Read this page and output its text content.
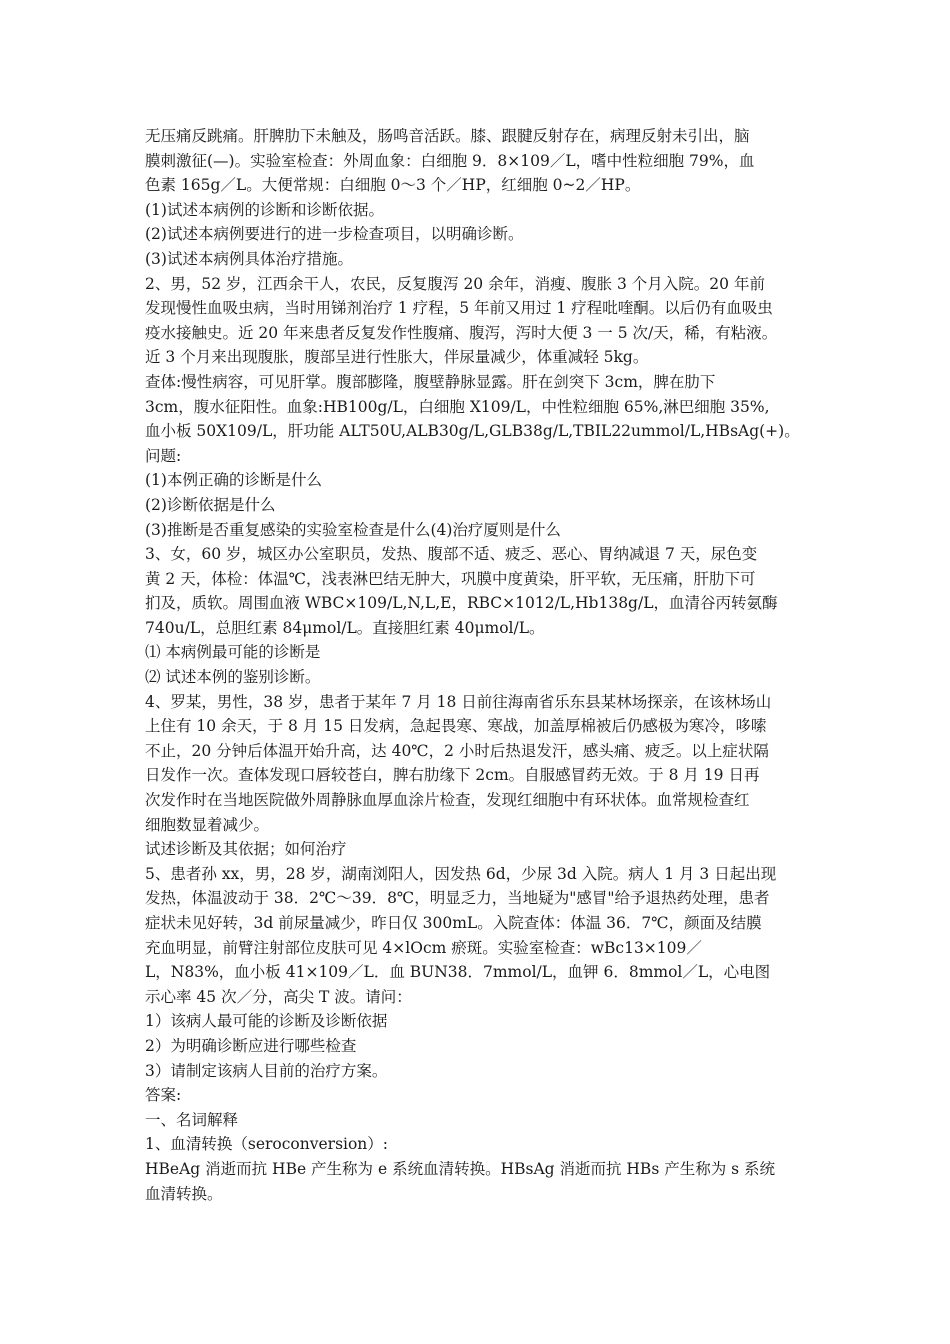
无压痛反跳痛。肝脾肋下未触及，肠鸣音活跃。膝、跟腱反射存在，病理反射未引出，脑
膜刺激征(—)。实验室检查：外周血象：白细胞 9．8×109／L，嗜中性粒细胞 79%，血
色素 165g／L。大便常规：白细胞 0～3 个／HP，红细胞 0~2／HP。
(1)试述本病例的诊断和诊断依据。
(2)试述本病例要进行的进一步检查项目，以明确诊断。
(3)试述本病例具体治疗措施。
2、男，52 岁，江西余干人，农民，反复腹泻 20 余年，消瘦、腹胀 3 个月入院。20 年前
发现慢性血吸虫病，当时用锑剂治疗 1 疗程，5 年前又用过 1 疗程吡喹酮。以后仍有血吸虫
疫水接触史。近 20 年来患者反复发作性腹痛、腹泻，泻时大便 3 一 5 次/天，稀，有粘液。
近 3 个月来出现腹胀，腹部呈进行性胀大，伴尿量减少，体重减轻 5kg。
查体:慢性病容，可见肝掌。腹部膨隆，腹壁静脉显露。肝在剑突下 3cm，脾在肋下
3cm，腹水征阳性。血象:HB100g/L，白细胞 X109/L，中性粒细胞 65%,淋巴细胞 35%,
血小板 50X109/L，肝功能 ALT50U,ALB30g/L,GLB38g/L,TBIL22ummol/L,HBsAg(+)。
问题:
(1)本例正确的诊断是什么
(2)诊断依据是什么
(3)推断是否重复感染的实验室检查是什么(4)治疗厦则是什么
3、女，60 岁，城区办公室职员，发热、腹部不适、疲乏、恶心、胃纳减退 7 天，尿色变
黄 2 天，体检：体温℃，浅表淋巴结无肿大，巩膜中度黄染，肝平软，无压痛，肝肋下可
扪及，质软。周围血液 WBC×109/L,N,L,E，RBC×1012/L,Hb138g/L，血清谷丙转氨酶
740u/L，总胆红素 84μmol/L。直接胆红素 40μmol/L。
⑴ 本病例最可能的诊断是
⑵ 试述本例的鉴别诊断。
4、罗某，男性，38 岁，患者于某年 7 月 18 日前往海南省乐东县某林场探亲，在该林场山
上住有 10 余天，于 8 月 15 日发病，急起畏寒、寒战，加盖厚棉被后仍感极为寒冷，哆嗦
不止，20 分钟后体温开始升高，达 40℃，2 小时后热退发汗，感头痛、疲乏。以上症状隔
日发作一次。查体发现口唇较苍白，脾右肋缘下 2cm。自服感冒药无效。于 8 月 19 日再
次发作时在当地医院做外周静脉血厚血涂片检查，发现红细胞中有环状体。血常规检查红
细胞数显着减少。
试述诊断及其依据；如何治疗
5、患者孙 xx，男，28 岁，湖南浏阳人，因发热 6d，少尿 3d 入院。病人 1 月 3 日起出现
发热，体温波动于 38．2℃～39．8℃，明显乏力，当地疑为"感冒"给予退热药处理，患者
症状未见好转，3d 前尿量减少，昨日仅 300mL。入院查体：体温 36．7℃，颜面及结膜
充血明显，前臂注射部位皮肤可见 4×lOcm 瘀斑。实验室检查：wBc13×109／
L，N83%，血小板 41×109／L．血 BUN38．7mmol/L，血钾 6．8mmol／L，心电图
示心率 45 次／分，高尖 T 波。请问：
1）该病人最可能的诊断及诊断依据
2）为明确诊断应进行哪些检查
3）请制定该病人目前的治疗方案。
答案:
一、名词解释
1、血清转换（seroconversion）:
HBeAg 消逝而抗 HBe 产生称为 e 系统血清转换。HBsAg 消逝而抗 HBs 产生称为 s 系统
血清转换。
